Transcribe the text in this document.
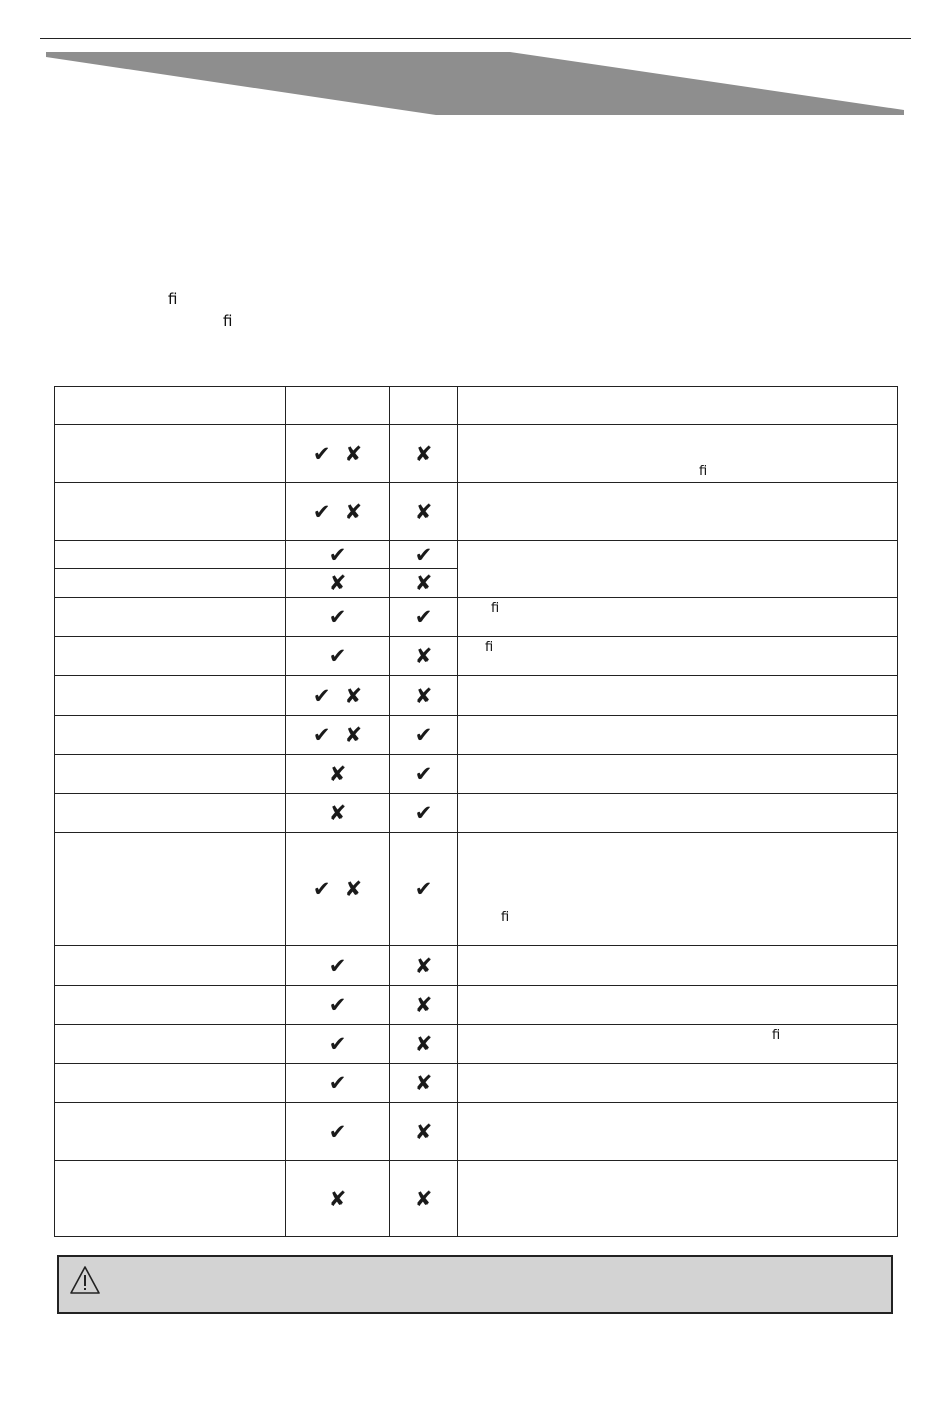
ﬁ
ﬁ

	✔ ✘	✘	ﬁ

	✔ ✘	✘	
	✔	✔	
	✘	✘	
	✔	✔	ﬁ

	✔	✘	ﬁ

	✔ ✘	✘	
	✔ ✘	✔	
	✘	✔	
	✘	✔	
	✔ ✘	✔	ﬁ

	✔	✘	
	✔	✘	
	✔	✘	ﬁ

	✔	✘	
	✔	✘	
	✘	✘	
